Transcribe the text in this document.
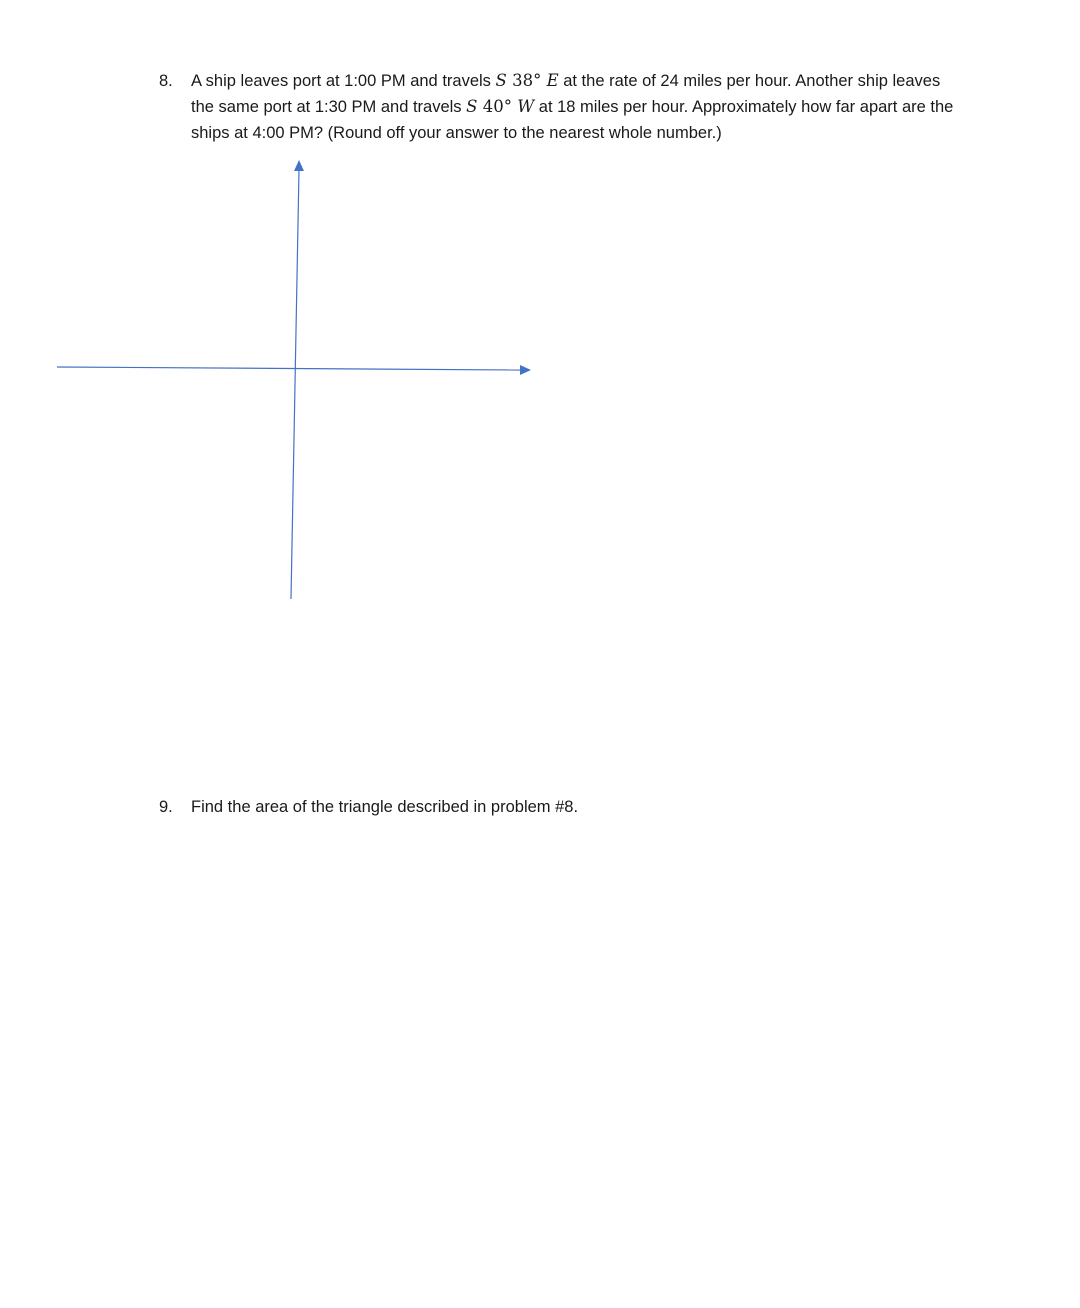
8. A ship leaves port at 1:00 PM and travels S 38° E at the rate of 24 miles per hour. Another ship leaves the same port at 1:30 PM and travels S 40° W at 18 miles per hour. Approximately how far apart are the ships at 4:00 PM? (Round off your answer to the nearest whole number.)
9. Find the area of the triangle described in problem #8.
